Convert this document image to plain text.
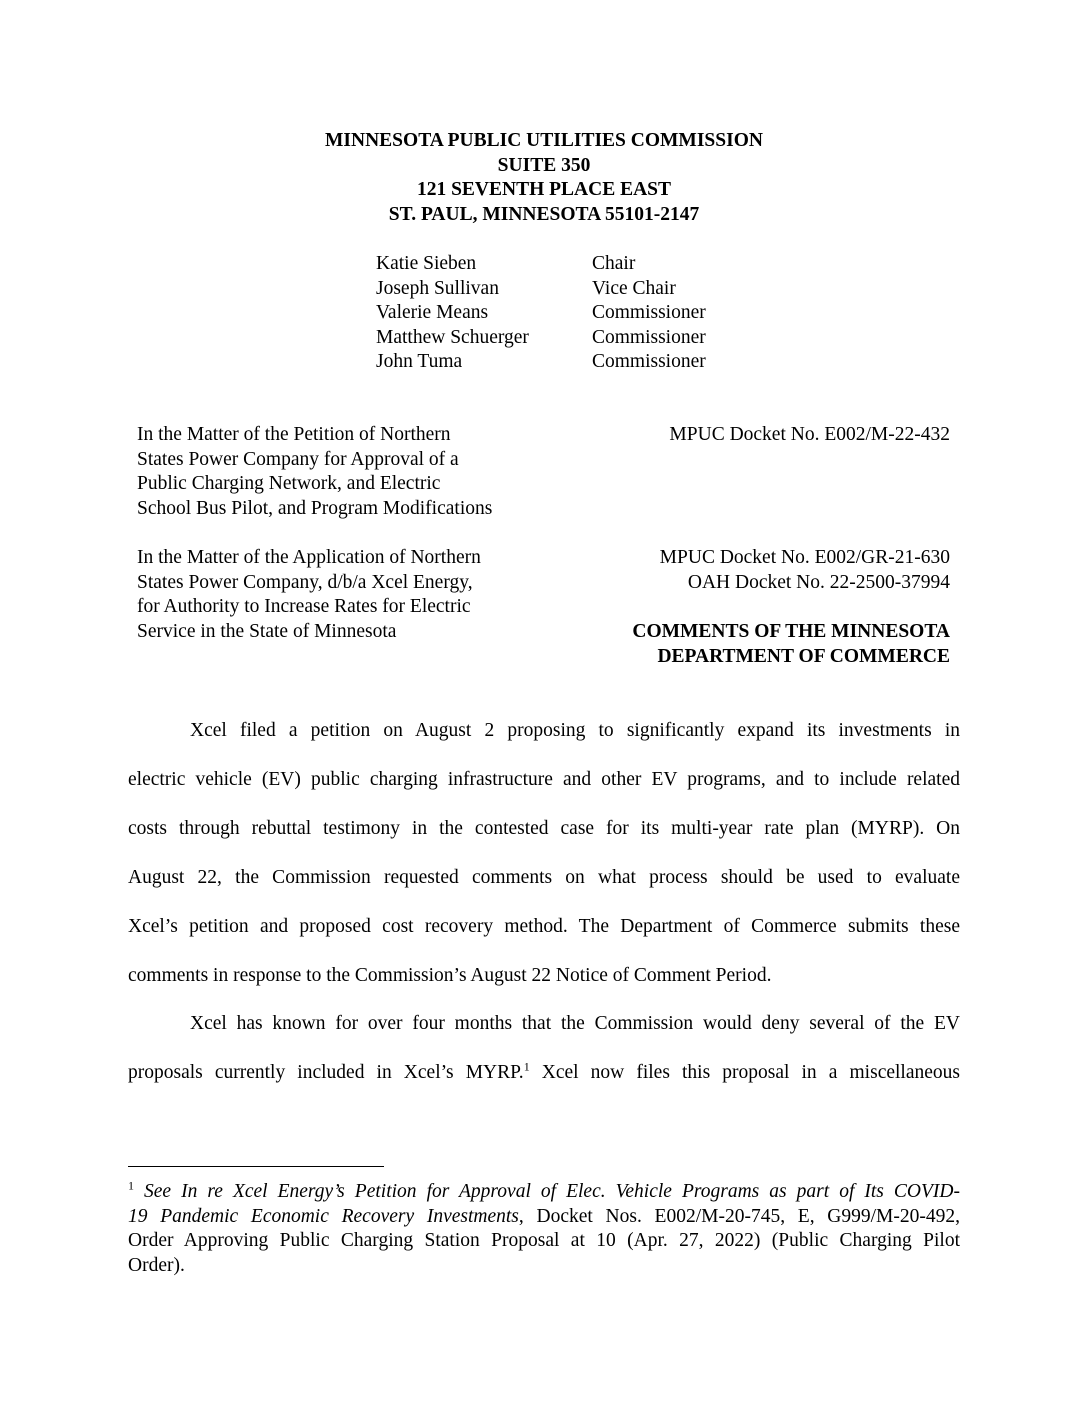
MINNESOTA PUBLIC UTILITIES COMMISSION
SUITE 350
121 SEVENTH PLACE EAST
ST. PAUL, MINNESOTA 55101-2147
Katie Sieben	Chair
Joseph Sullivan	Vice Chair
Valerie Means	Commissioner
Matthew Schuerger	Commissioner
John Tuma	Commissioner
In the Matter of the Petition of Northern
States Power Company for Approval of a
Public Charging Network, and Electric
School Bus Pilot, and Program Modifications
MPUC Docket No. E002/M-22-432
In the Matter of the Application of Northern
States Power Company, d/b/a Xcel Energy,
for Authority to Increase Rates for Electric
Service in the State of Minnesota
MPUC Docket No. E002/GR-21-630
OAH Docket No. 22-2500-37994
COMMENTS OF THE MINNESOTA
DEPARTMENT OF COMMERCE
Xcel filed a petition on August 2 proposing to significantly expand its investments in
electric vehicle (EV) public charging infrastructure and other EV programs, and to include related
costs through rebuttal testimony in the contested case for its multi-year rate plan (MYRP). On
August 22, the Commission requested comments on what process should be used to evaluate
Xcel’s petition and proposed cost recovery method. The Department of Commerce submits these
comments in response to the Commission’s August 22 Notice of Comment Period.
Xcel has known for over four months that the Commission would deny several of the EV
proposals currently included in Xcel’s MYRP.$^1$ Xcel now files this proposal in a miscellaneous
$^1$ See In re Xcel Energy’s Petition for Approval of Elec. Vehicle Programs as part of Its COVID-
19 Pandemic Economic Recovery Investments, Docket Nos. E002/M-20-745, E, G999/M-20-492,
Order Approving Public Charging Station Proposal at 10 (Apr. 27, 2022) (Public Charging Pilot
Order).
